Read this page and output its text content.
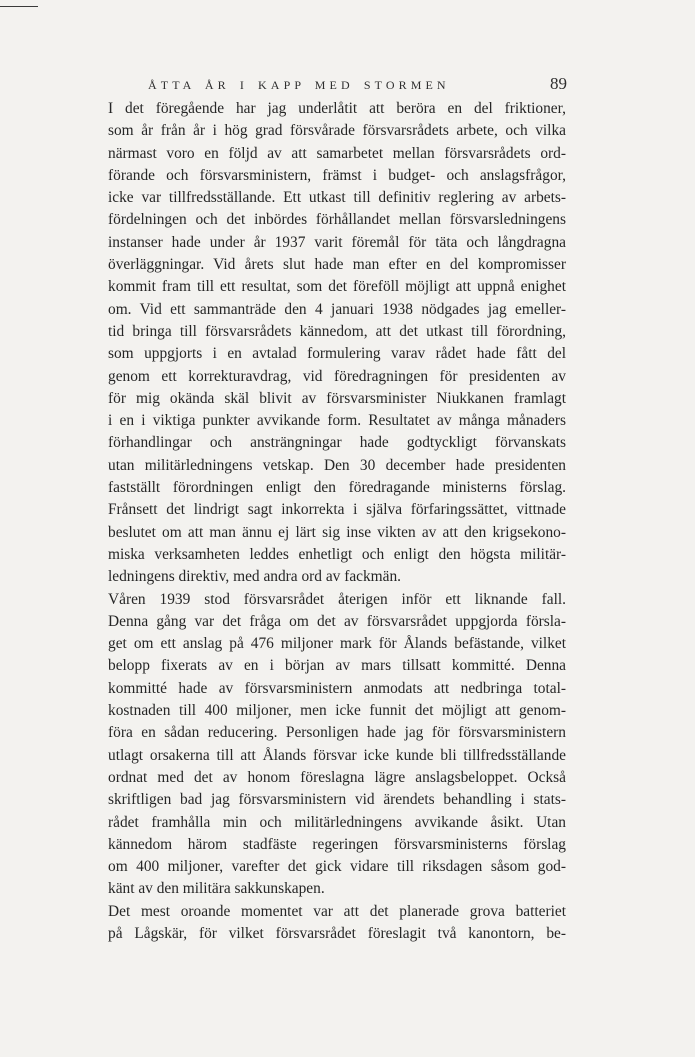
ÅTTA ÅR I KAPP MED STORMEN	89
I det föregående har jag underlåtit att beröra en del friktioner,
som år från år i hög grad försvårade försvarsrådets arbete, och vilka
närmast voro en följd av att samarbetet mellan försvarsrådets ord-
förande och försvarsministern, främst i budget- och anslagsfrågor,
icke var tillfredsställande. Ett utkast till definitiv reglering av arbets-
fördelningen och det inbördes förhållandet mellan försvarsledningens
instanser hade under år 1937 varit föremål för täta och långdragna
överläggningar. Vid årets slut hade man efter en del kompromisser
kommit fram till ett resultat, som det föreföll möjligt att uppnå enighet
om. Vid ett sammanträde den 4 januari 1938 nödgades jag emeller-
tid bringa till försvarsrådets kännedom, att det utkast till förordning,
som uppgjorts i en avtalad formulering varav rådet hade fått del
genom ett korrekturavdrag, vid föredragningen för presidenten av
för mig okända skäl blivit av försvarsminister Niukkanen framlagt
i en i viktiga punkter avvikande form. Resultatet av många månaders
förhandlingar och ansträngningar hade godtyckligt förvanskats
utan militärledningens vetskap. Den 30 december hade presidenten
fastställt förordningen enligt den föredragande ministerns förslag.
Frånsett det lindrigt sagt inkorrekta i själva förfaringssättet, vittnade
beslutet om att man ännu ej lärt sig inse vikten av att den krigsekono-
miska verksamheten leddes enhetligt och enligt den högsta militär-
ledningens direktiv, med andra ord av fackmän.
Våren 1939 stod försvarsrådet återigen inför ett liknande fall.
Denna gång var det fråga om det av försvarsrådet uppgjorda försla-
get om ett anslag på 476 miljoner mark för Ålands befästande, vilket
belopp fixerats av en i början av mars tillsatt kommitté. Denna
kommitté hade av försvarsministern anmodats att nedbringa total-
kostnaden till 400 miljoner, men icke funnit det möjligt att genom-
föra en sådan reducering. Personligen hade jag för försvarsministern
utlagt orsakerna till att Ålands försvar icke kunde bli tillfredsställande
ordnat med det av honom föreslagna lägre anslagsbeloppet. Också
skriftligen bad jag försvarsministern vid ärendets behandling i stats-
rådet framhålla min och militärledningens avvikande åsikt. Utan
kännedom härom stadfäste regeringen försvarsministerns förslag
om 400 miljoner, varefter det gick vidare till riksdagen såsom god-
känt av den militära sakkunskapen.
Det mest oroande momentet var att det planerade grova batteriet
på Lågskär, för vilket försvarsrådet föreslagit två kanontorn, be-
